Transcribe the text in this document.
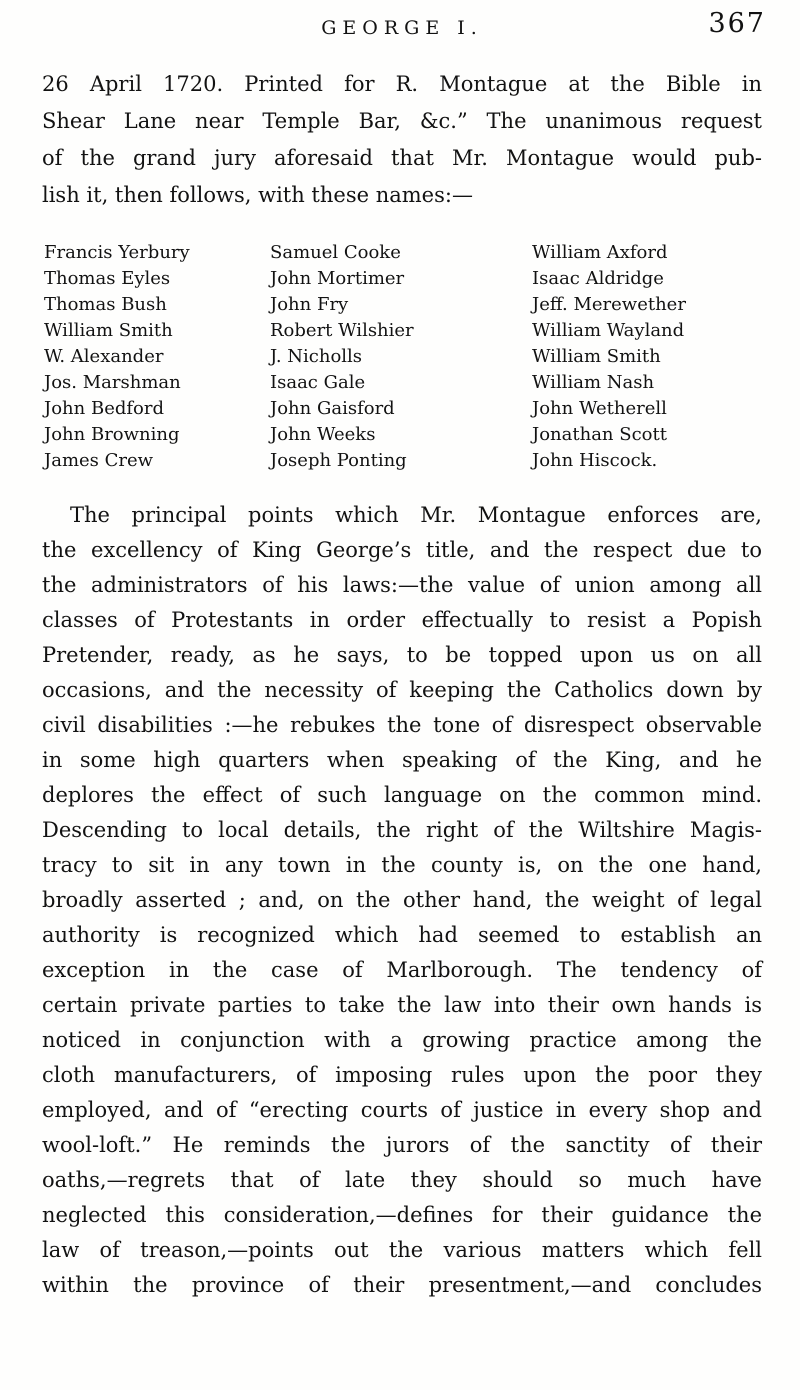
GEORGE I.	367
26 April 1720. Printed for R. Montague at the Bible in
Shear Lane near Temple Bar, &c.” The unanimous request
of the grand jury aforesaid that Mr. Montague would pub-
lish it, then follows, with these names:—
Francis Yerbury
Thomas Eyles
Thomas Bush
William Smith
W. Alexander
Jos. Marshman
John Bedford
John Browning
James Crew
Samuel Cooke
John Mortimer
John Fry
Robert Wilshier
J. Nicholls
Isaac Gale
John Gaisford
John Weeks
Joseph Ponting
William Axford
Isaac Aldridge
Jeff. Merewether
William Wayland
William Smith
William Nash
John Wetherell
Jonathan Scott
John Hiscock.
The principal points which Mr. Montague enforces are,
the excellency of King George’s title, and the respect due to
the administrators of his laws:—the value of union among all
classes of Protestants in order effectually to resist a Popish
Pretender, ready, as he says, to be topped upon us on all
occasions, and the necessity of keeping the Catholics down by
civil disabilities :—he rebukes the tone of disrespect observable
in some high quarters when speaking of the King, and he
deplores the effect of such language on the common mind.
Descending to local details, the right of the Wiltshire Magis-
tracy to sit in any town in the county is, on the one hand,
broadly asserted ; and, on the other hand, the weight of legal
authority is recognized which had seemed to establish an
exception in the case of Marlborough. The tendency of
certain private parties to take the law into their own hands is
noticed in conjunction with a growing practice among the
cloth manufacturers, of imposing rules upon the poor they
employed, and of “erecting courts of justice in every shop and
wool-loft.” He reminds the jurors of the sanctity of their
oaths,—regrets that of late they should so much have
neglected this consideration,—defines for their guidance the
law of treason,—points out the various matters which fell
within the province of their presentment,—and concludes
